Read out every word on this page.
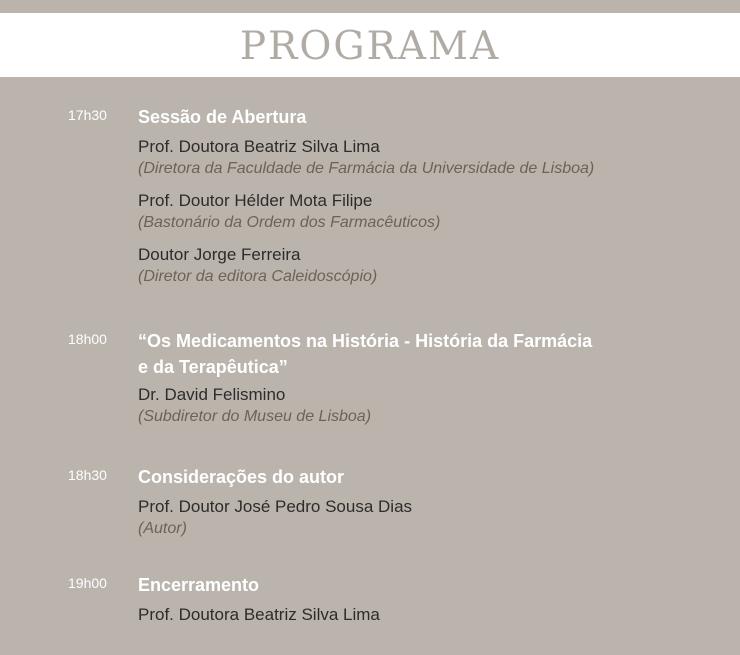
PROGRAMA
17h30 Sessão de Abertura
Prof. Doutora Beatriz Silva Lima
(Diretora da Faculdade de Farmácia da Universidade de Lisboa)
Prof. Doutor Hélder Mota Filipe
(Bastonário da Ordem dos Farmacêuticos)
Doutor Jorge Ferreira
(Diretor da editora Caleidoscópio)
18h00 “Os Medicamentos na História - História da Farmácia
e da Terapêutica”
Dr. David Felismino
(Subdiretor do Museu de Lisboa)
18h30 Considerações do autor
Prof. Doutor José Pedro Sousa Dias
(Autor)
19h00 Encerramento
Prof. Doutora Beatriz Silva Lima
